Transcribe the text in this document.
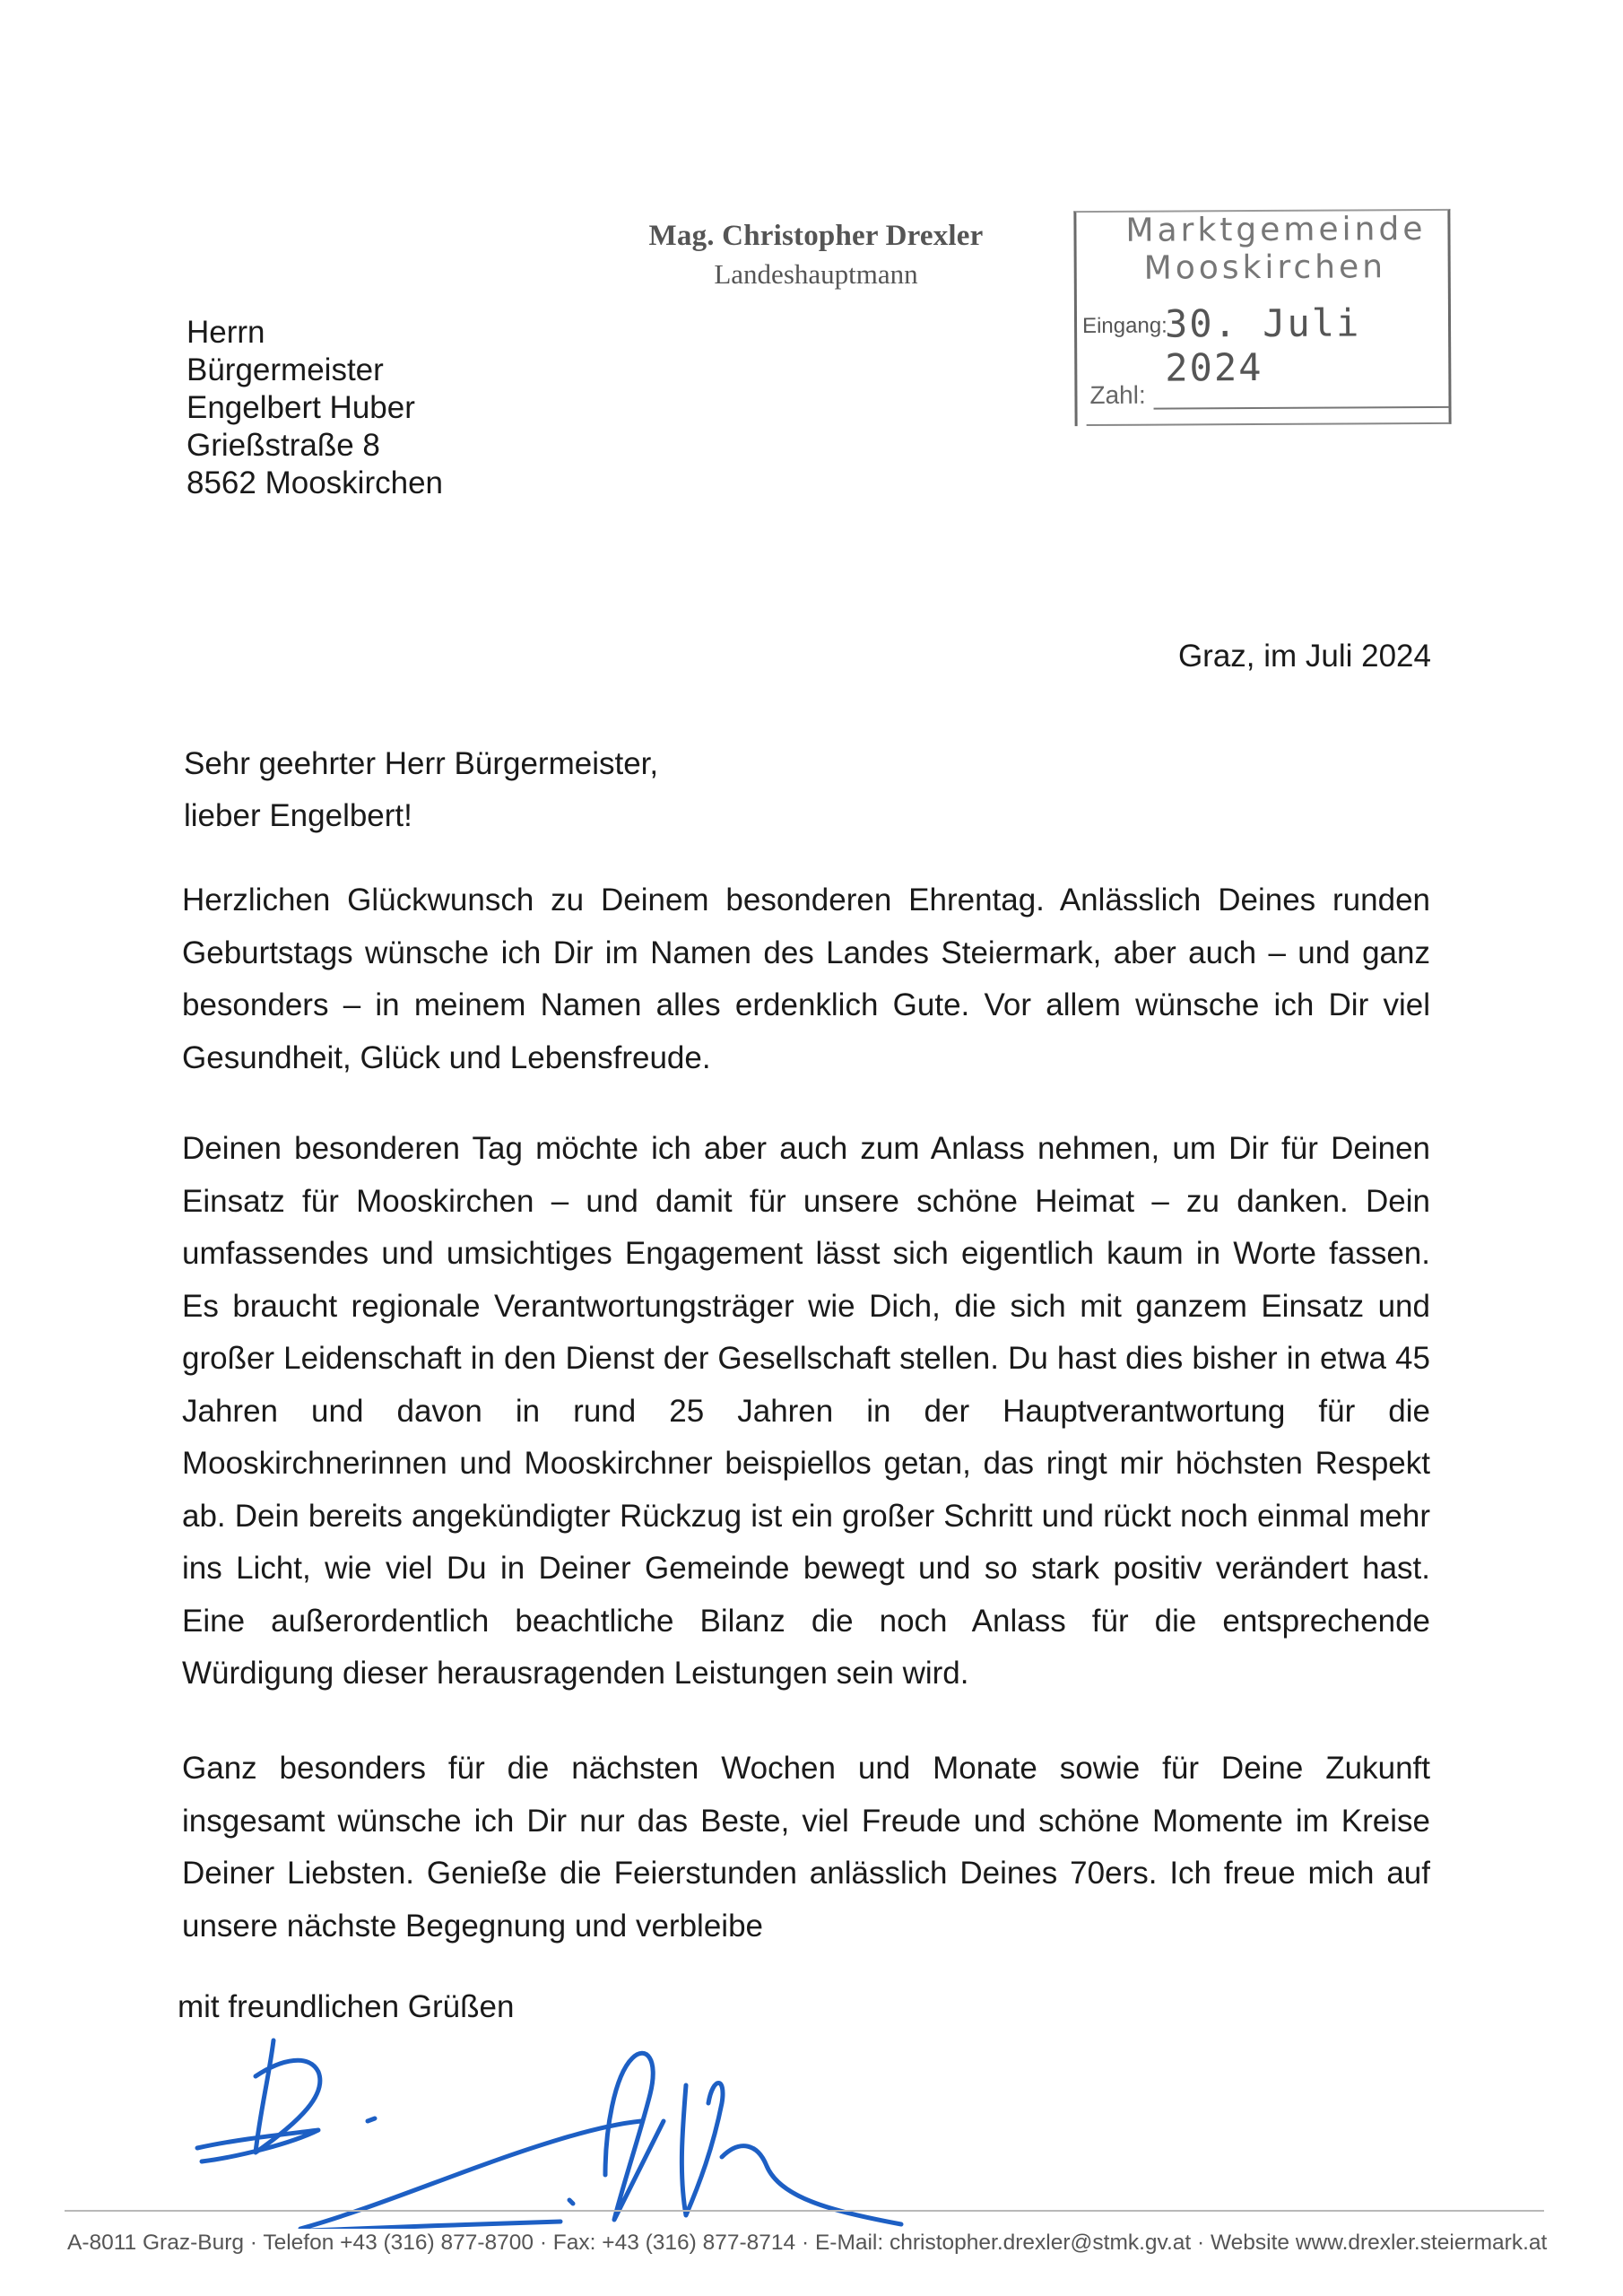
Mag. Christopher Drexler
Landeshauptmann
Marktgemeinde
Mooskirchen
Eingang:
30. Juli 2024
Zahl:
Herrn
Bürgermeister
Engelbert Huber
Grießstraße 8
8562 Mooskirchen
Graz, im Juli 2024
Sehr geehrter Herr Bürgermeister,
lieber Engelbert!
Herzlichen Glückwunsch zu Deinem besonderen Ehrentag. Anlässlich Deines runden Geburtstags wünsche ich Dir im Namen des Landes Steiermark, aber auch – und ganz besonders – in meinem Namen alles erdenklich Gute. Vor allem wünsche ich Dir viel Gesundheit, Glück und Lebensfreude.
Deinen besonderen Tag möchte ich aber auch zum Anlass nehmen, um Dir für Deinen Einsatz für Mooskirchen – und damit für unsere schöne Heimat – zu danken. Dein umfassendes und umsichtiges Engagement lässt sich eigentlich kaum in Worte fassen. Es braucht regionale Verantwortungsträger wie Dich, die sich mit ganzem Einsatz und großer Leidenschaft in den Dienst der Gesellschaft stellen. Du hast dies bisher in etwa 45 Jahren und davon in rund 25 Jahren in der Hauptverantwortung für die Mooskirchnerinnen und Mooskirchner beispiellos getan, das ringt mir höchsten Respekt ab. Dein bereits angekündigter Rückzug ist ein großer Schritt und rückt noch einmal mehr ins Licht, wie viel Du in Deiner Gemeinde bewegt und so stark positiv verändert hast. Eine außerordentlich beachtliche Bilanz die noch Anlass für die entsprechende Würdigung dieser herausragenden Leistungen sein wird.
Ganz besonders für die nächsten Wochen und Monate sowie für Deine Zukunft insgesamt wünsche ich Dir nur das Beste, viel Freude und schöne Momente im Kreise Deiner Liebsten. Genieße die Feierstunden anlässlich Deines 70ers. Ich freue mich auf unsere nächste Begegnung und verbleibe
mit freundlichen Grüßen
A-8011 Graz-Burg · Telefon +43 (316) 877-8700 · Fax: +43 (316) 877-8714 · E-Mail: christopher.drexler@stmk.gv.at · Website www.drexler.steiermark.at
